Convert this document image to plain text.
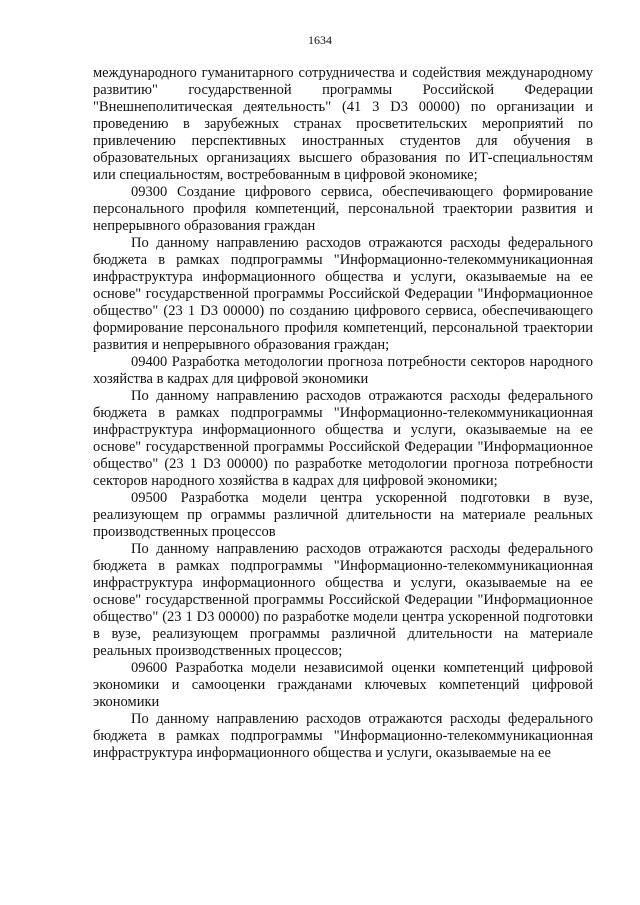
1634

международного гуманитарного сотрудничества и содействия международному развитию" государственной программы Российской Федерации "Внешнеполитическая деятельность" (41 3 D3 00000) по организации и проведению в зарубежных странах просветительских мероприятий по привлечению перспективных иностранных студентов для обучения в образовательных организациях высшего образования по ИТ-специальностям или специальностям, востребованным в цифровой экономике;

09300 Создание цифрового сервиса, обеспечивающего формирование персонального профиля компетенций, персональной траектории развития и непрерывного образования граждан

По данному направлению расходов отражаются расходы федерального бюджета в рамках подпрограммы "Информационно-телекоммуникационная инфраструктура информационного общества и услуги, оказываемые на ее основе" государственной программы Российской Федерации "Информационное общество" (23 1 D3 00000) по созданию цифрового сервиса, обеспечивающего формирование персонального профиля компетенций, персональной траектории развития и непрерывного образования граждан;

09400 Разработка методологии прогноза потребности секторов народного хозяйства в кадрах для цифровой экономики

По данному направлению расходов отражаются расходы федерального бюджета в рамках подпрограммы "Информационно-телекоммуникационная инфраструктура информационного общества и услуги, оказываемые на ее основе" государственной программы Российской Федерации "Информационное общество" (23 1 D3 00000) по разработке методологии прогноза потребности секторов народного хозяйства в кадрах для цифровой экономики;

09500 Разработка модели центра ускоренной подготовки в вузе, реализующем пр огрaммы различной длительности на материале реальных производственных процессов

По данному направлению расходов отражаются расходы федерального бюджета в рамках подпрограммы "Информационно-телекоммуникационная инфраструктура информационного общества и услуги, оказываемые на ее основе" государственной программы Российской Федерации "Информационное общество" (23 1 D3 00000) по разработке модели центра ускоренной подготовки в вузе, реализующем программы различной длительности на материале реальных производственных процессов;

09600 Разработка модели независимой оценки компетенций цифровой экономики и самооценки гражданами ключевых компетенций цифровой экономики

По данному направлению расходов отражаются расходы федерального бюджета в рамках подпрограммы "Информационно-телекоммуникационная инфраструктура информационного общества и услуги, оказываемые на ее
